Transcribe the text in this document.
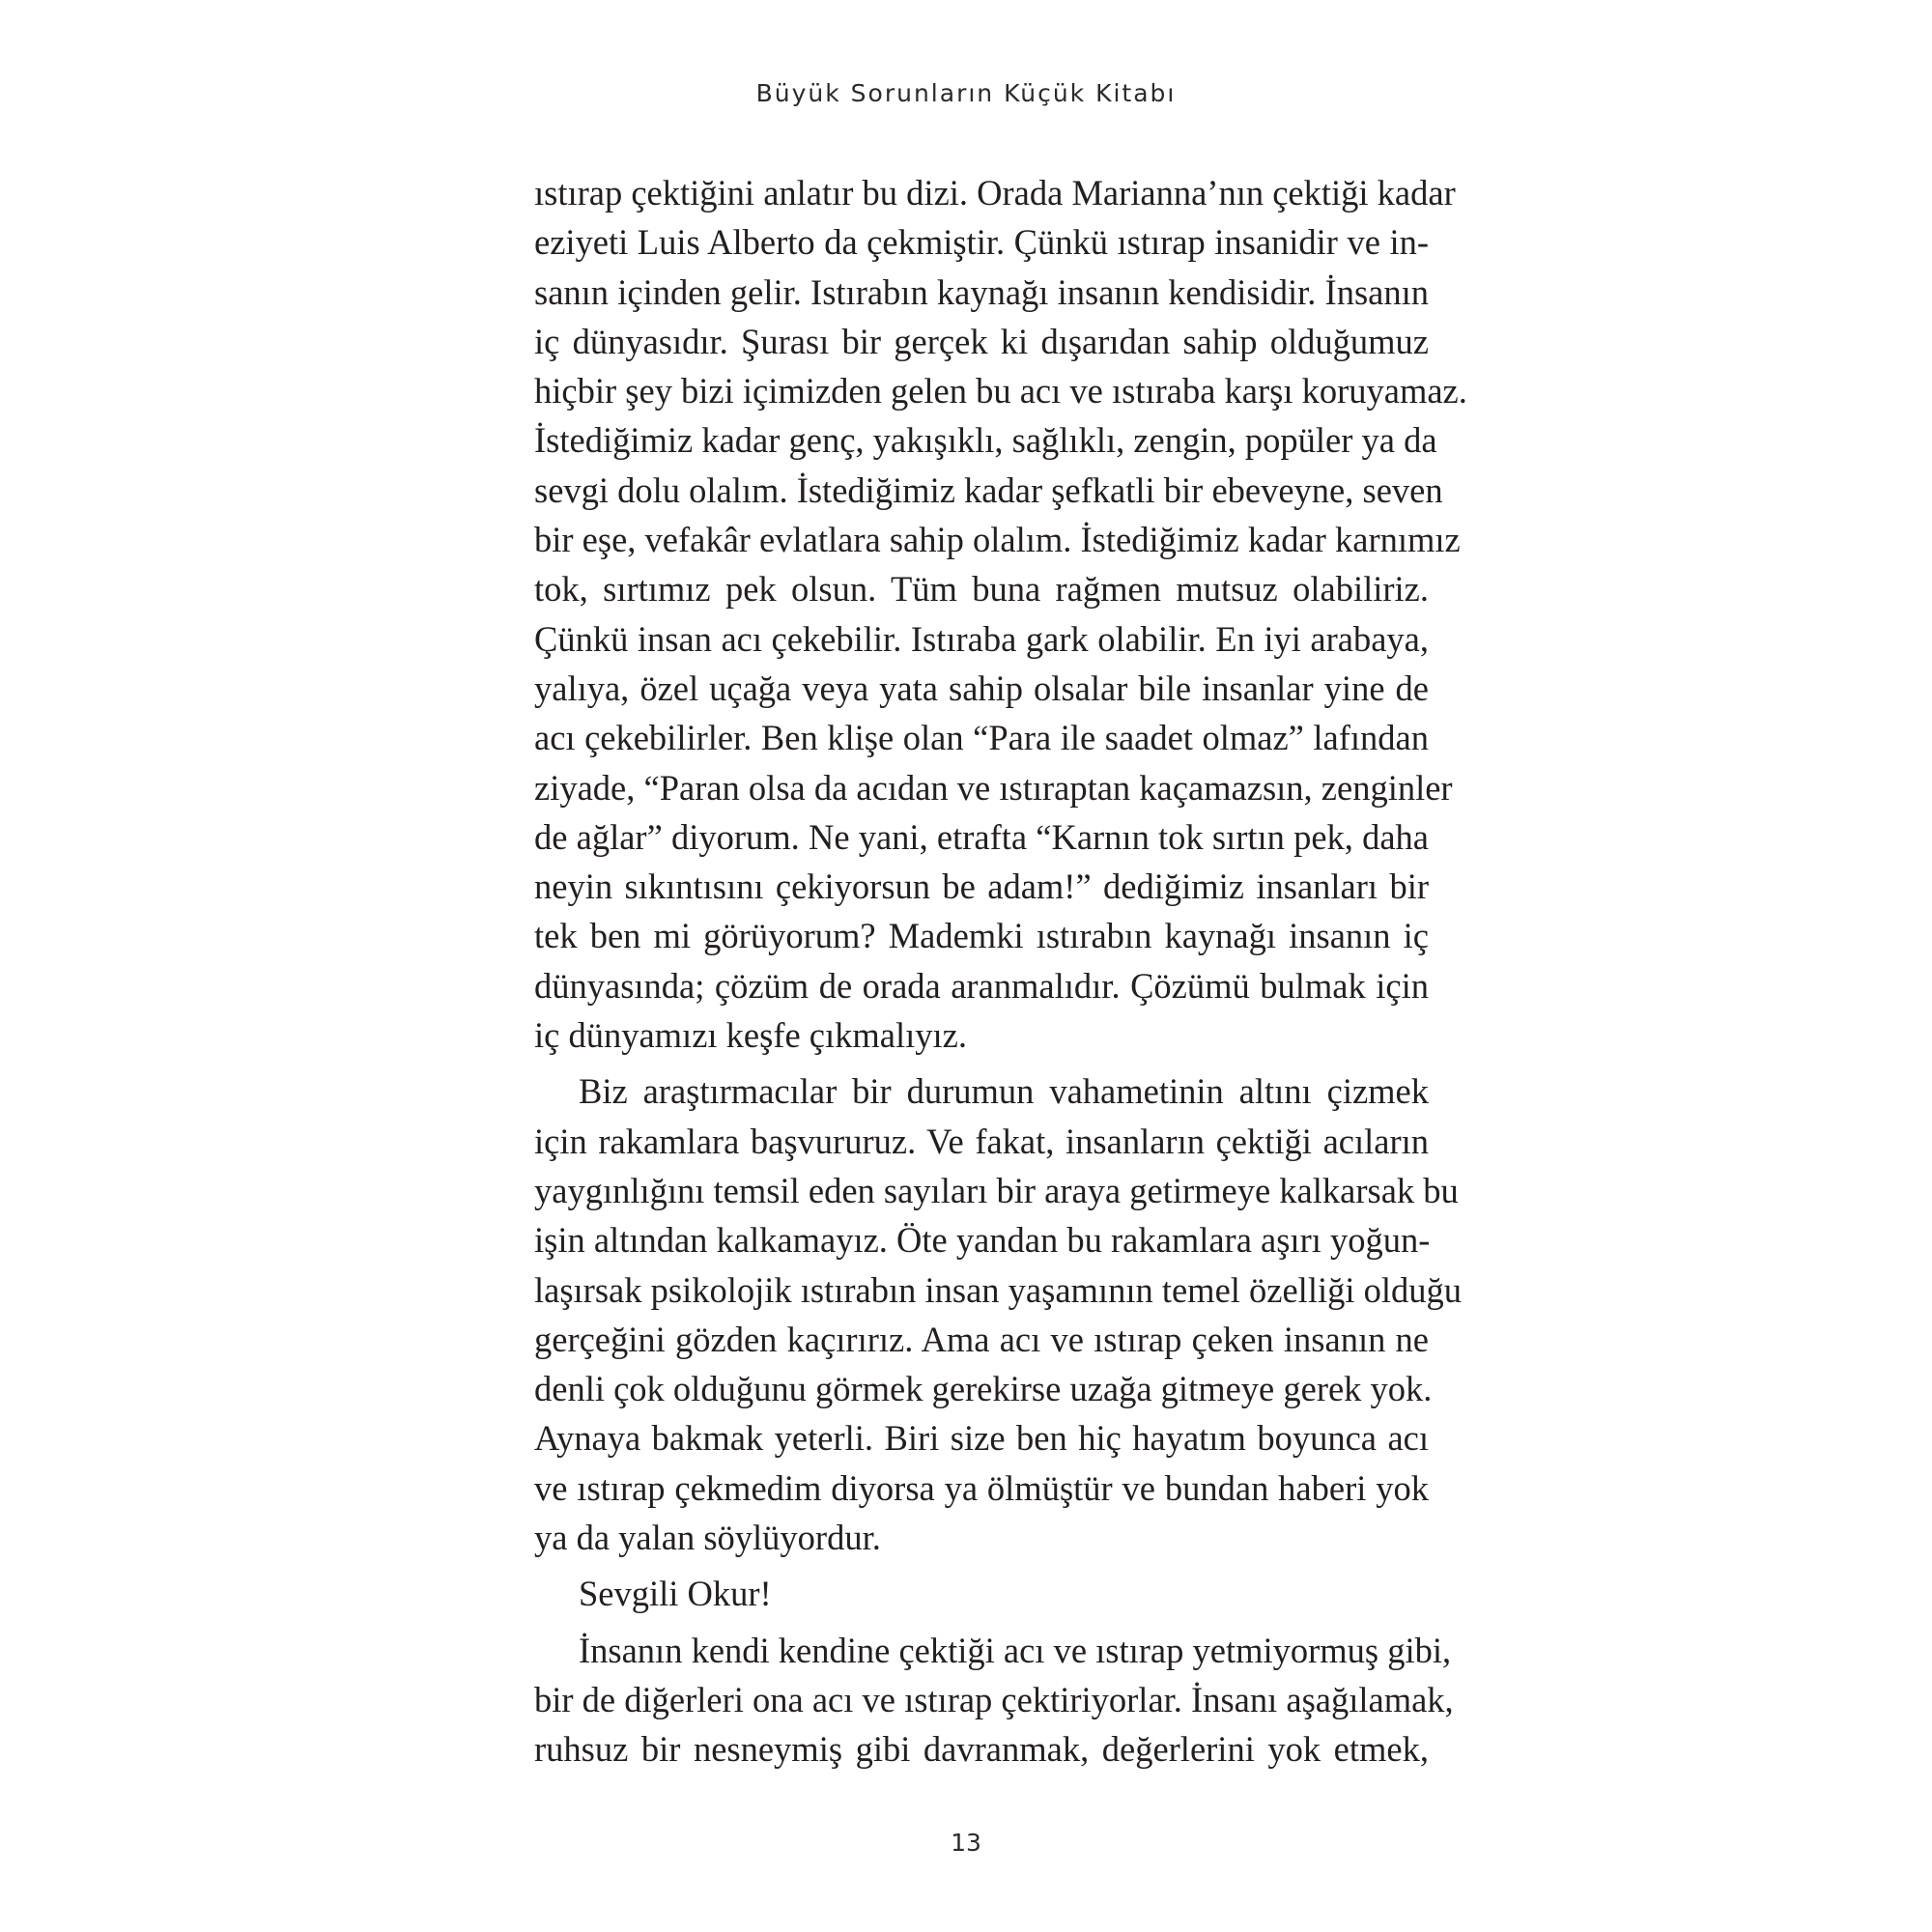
Büyük Sorunların Küçük Kitabı
ıstırap çektiğini anlatır bu dizi. Orada Marianna’nın çektiği kadar
eziyeti Luis Alberto da çekmiştir. Çünkü ıstırap insanidir ve in-
sanın içinden gelir. Istırabın kaynağı insanın kendisidir. İnsanın
iç dünyasıdır. Şurası bir gerçek ki dışarıdan sahip olduğumuz
hiçbir şey bizi içimizden gelen bu acı ve ıstıraba karşı koruyamaz.
İstediğimiz kadar genç, yakışıklı, sağlıklı, zengin, popüler ya da
sevgi dolu olalım. İstediğimiz kadar şefkatli bir ebeveyne, seven
bir eşe, vefakâr evlatlara sahip olalım. İstediğimiz kadar karnımız
tok, sırtımız pek olsun. Tüm buna rağmen mutsuz olabiliriz.
Çünkü insan acı çekebilir. Istıraba gark olabilir. En iyi arabaya,
yalıya, özel uçağa veya yata sahip olsalar bile insanlar yine de
acı çekebilirler. Ben klişe olan “Para ile saadet olmaz” lafından
ziyade, “Paran olsa da acıdan ve ıstıraptan kaçamazsın, zenginler
de ağlar” diyorum. Ne yani, etrafta “Karnın tok sırtın pek, daha
neyin sıkıntısını çekiyorsun be adam!” dediğimiz insanları bir
tek ben mi görüyorum? Mademki ıstırabın kaynağı insanın iç
dünyasında; çözüm de orada aranmalıdır. Çözümü bulmak için
iç dünyamızı keşfe çıkmalıyız.
Biz araştırmacılar bir durumun vahametinin altını çizmek
için rakamlara başvururuz. Ve fakat, insanların çektiği acıların
yaygınlığını temsil eden sayıları bir araya getirmeye kalkarsak bu
işin altından kalkamayız. Öte yandan bu rakamlara aşırı yoğun-
laşırsak psikolojik ıstırabın insan yaşamının temel özelliği olduğu
gerçeğini gözden kaçırırız. Ama acı ve ıstırap çeken insanın ne
denli çok olduğunu görmek gerekirse uzağa gitmeye gerek yok.
Aynaya bakmak yeterli. Biri size ben hiç hayatım boyunca acı
ve ıstırap çekmedim diyorsa ya ölmüştür ve bundan haberi yok
ya da yalan söylüyordur.
Sevgili Okur!
İnsanın kendi kendine çektiği acı ve ıstırap yetmiyormuş gibi,
bir de diğerleri ona acı ve ıstırap çektiriyorlar. İnsanı aşağılamak,
ruhsuz bir nesneymiş gibi davranmak, değerlerini yok etmek,
13
